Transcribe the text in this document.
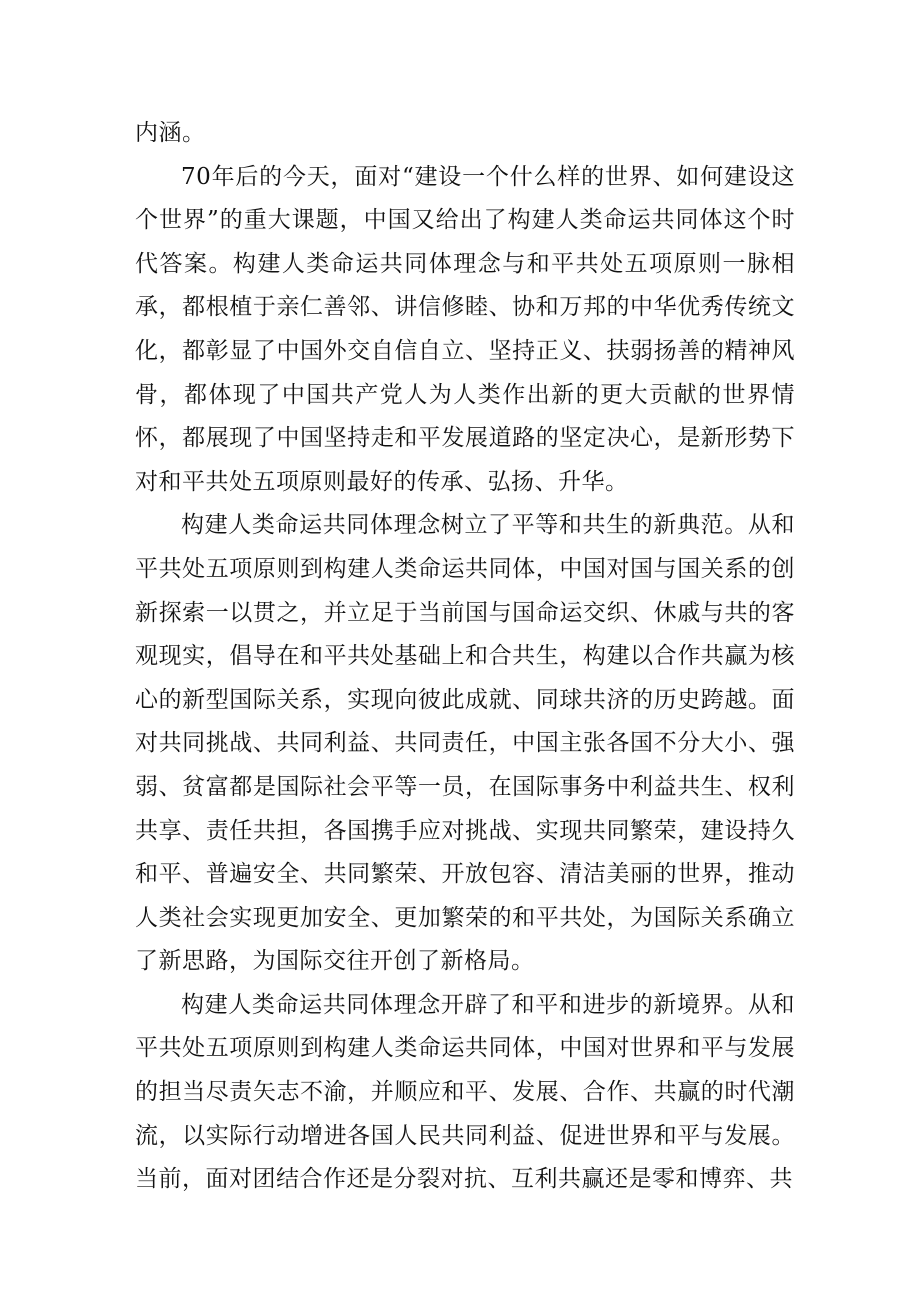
内涵。

70年后的今天，面对“建设一个什么样的世界、如何建设这个世界”的重大课题，中国又给出了构建人类命运共同体这个时代答案。构建人类命运共同体理念与和平共处五项原则一脉相承，都根植于亲仁善邻、讲信修睦、协和万邦的中华优秀传统文化，都彰显了中国外交自信自立、坚持正义、扶弱扬善的精神风骨，都体现了中国共产党人为人类作出新的更大贡献的世界情怀，都展现了中国坚持走和平发展道路的坚定决心，是新形势下对和平共处五项原则最好的传承、弘扬、升华。

构建人类命运共同体理念树立了平等和共生的新典范。从和平共处五项原则到构建人类命运共同体，中国对国与国关系的创新探索一以贯之，并立足于当前国与国命运交织、休戚与共的客观现实，倡导在和平共处基础上和合共生，构建以合作共赢为核心的新型国际关系，实现向彼此成就、同球共济的历史跨越。面对共同挑战、共同利益、共同责任，中国主张各国不分大小、强弱、贫富都是国际社会平等一员，在国际事务中利益共生、权利共享、责任共担，各国携手应对挑战、实现共同繁荣，建设持久和平、普遍安全、共同繁荣、开放包容、清洁美丽的世界，推动人类社会实现更加安全、更加繁荣的和平共处，为国际关系确立了新思路，为国际交往开创了新格局。

构建人类命运共同体理念开辟了和平和进步的新境界。从和平共处五项原则到构建人类命运共同体，中国对世界和平与发展的担当尽责矢志不渝，并顺应和平、发展、合作、共赢的时代潮流，以实际行动增进各国人民共同利益、促进世界和平与发展。当前，面对团结合作还是分裂对抗、互利共赢还是零和博弈、共
